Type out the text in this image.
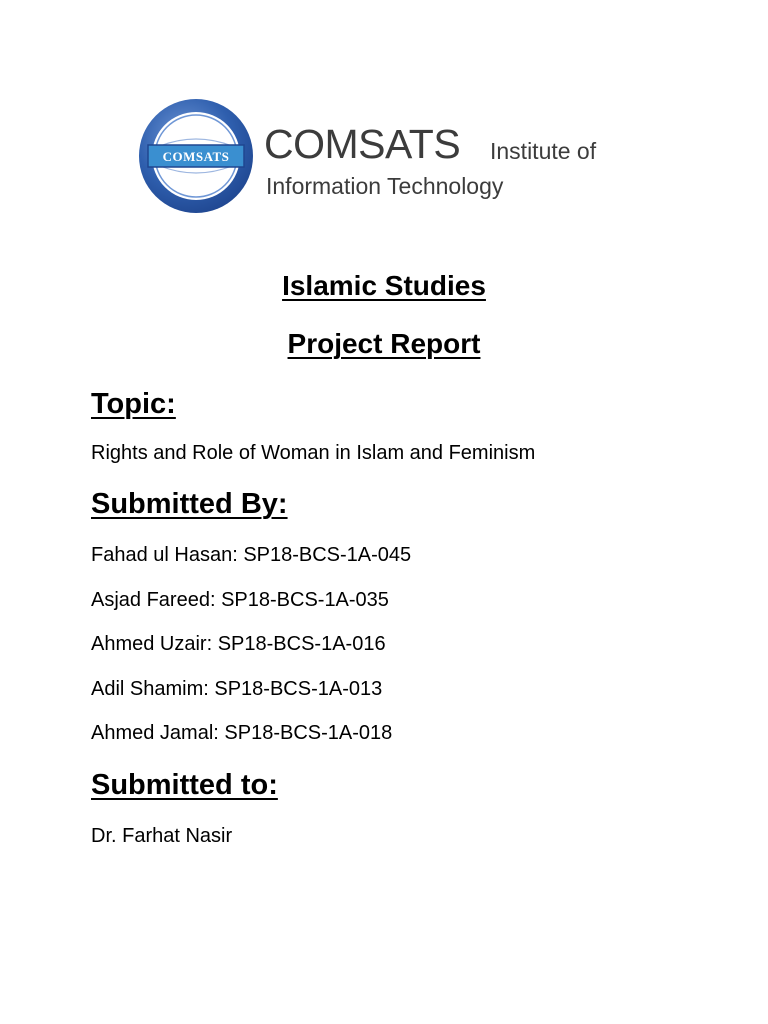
COMSATS COMSATS Institute of
Information Technology
Islamic Studies
Project Report
Topic:
Rights and Role of Woman in Islam and Feminism
Submitted By:
Fahad ul Hasan: SP18-BCS-1A-045
Asjad Fareed: SP18-BCS-1A-035
Ahmed Uzair: SP18-BCS-1A-016
Adil Shamim: SP18-BCS-1A-013
Ahmed Jamal: SP18-BCS-1A-018
Submitted to:
Dr. Farhat Nasir
